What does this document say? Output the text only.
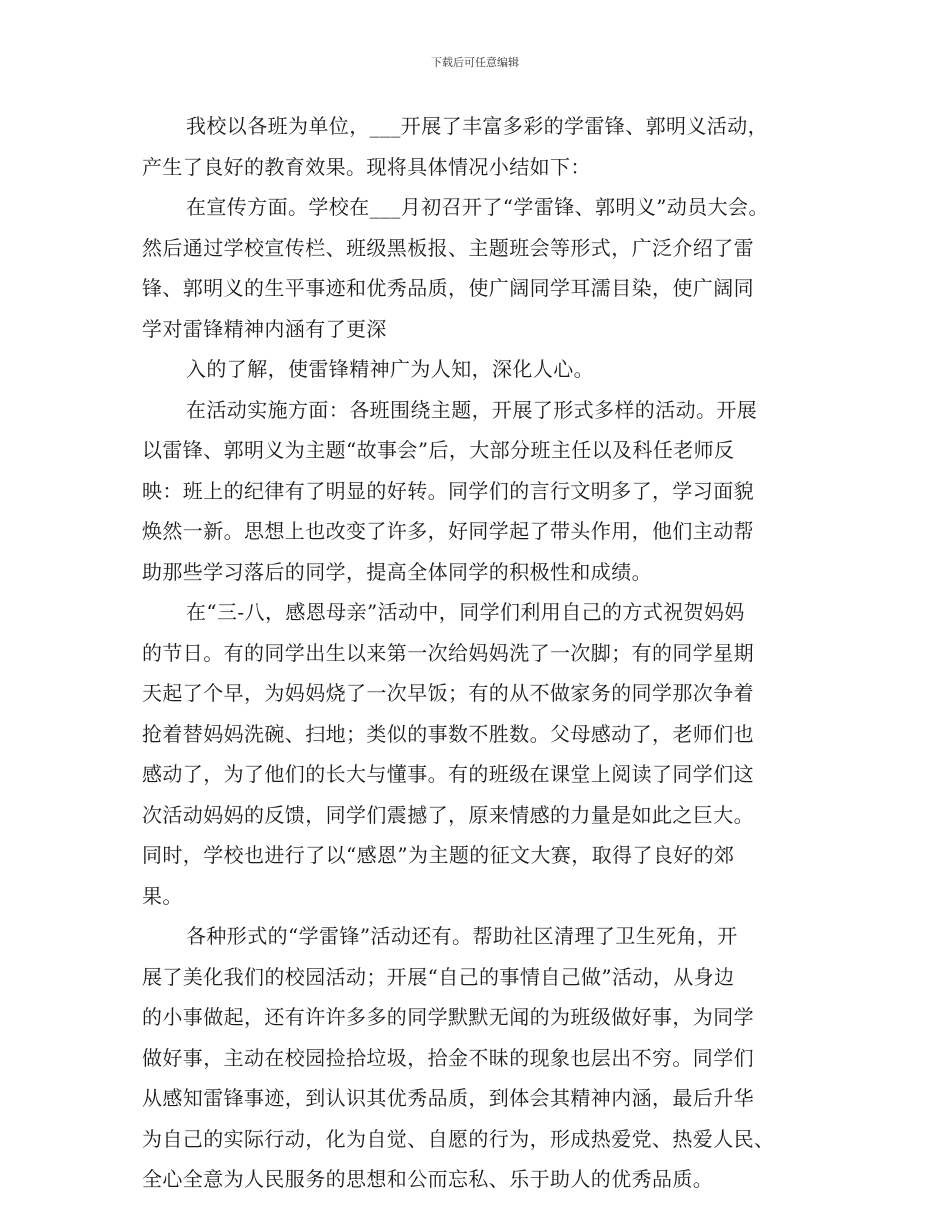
下载后可任意编辑

我校以各班为单位，___开展了丰富多彩的学雷锋、郭明义活动，
产生了良好的教育效果。现将具体情况小结如下：

在宣传方面。学校在___月初召开了“学雷锋、郭明义”动员大会。
然后通过学校宣传栏、班级黑板报、主题班会等形式，广泛介绍了雷
锋、郭明义的生平事迹和优秀品质，使广阔同学耳濡目染，使广阔同
学对雷锋精神内涵有了更深

入的了解，使雷锋精神广为人知，深化人心。

在活动实施方面：各班围绕主题，开展了形式多样的活动。开展
以雷锋、郭明义为主题“故事会”后，大部分班主任以及科任老师反
映：班上的纪律有了明显的好转。同学们的言行文明多了，学习面貌
焕然一新。思想上也改变了许多，好同学起了带头作用，他们主动帮
助那些学习落后的同学，提高全体同学的积极性和成绩。

在“三-八，感恩母亲”活动中，同学们利用自己的方式祝贺妈妈
的节日。有的同学出生以来第一次给妈妈洗了一次脚；有的同学星期
天起了个早，为妈妈烧了一次早饭；有的从不做家务的同学那次争着
抢着替妈妈洗碗、扫地；类似的事数不胜数。父母感动了，老师们也
感动了，为了他们的长大与懂事。有的班级在课堂上阅读了同学们这
次活动妈妈的反馈，同学们震撼了，原来情感的力量是如此之巨大。
同时，学校也进行了以“感恩”为主题的征文大赛，取得了良好的郊
果。

各种形式的“学雷锋”活动还有。帮助社区清理了卫生死角，开
展了美化我们的校园活动；开展“自己的事情自己做”活动，从身边
的小事做起，还有许许多多的同学默默无闻的为班级做好事，为同学
做好事，主动在校园捡拾垃圾，拾金不昧的现象也层出不穷。同学们
从感知雷锋事迹，到认识其优秀品质，到体会其精神内涵，最后升华
为自己的实际行动，化为自觉、自愿的行为，形成热爱党、热爱人民、
全心全意为人民服务的思想和公而忘私、乐于助人的优秀品质。
